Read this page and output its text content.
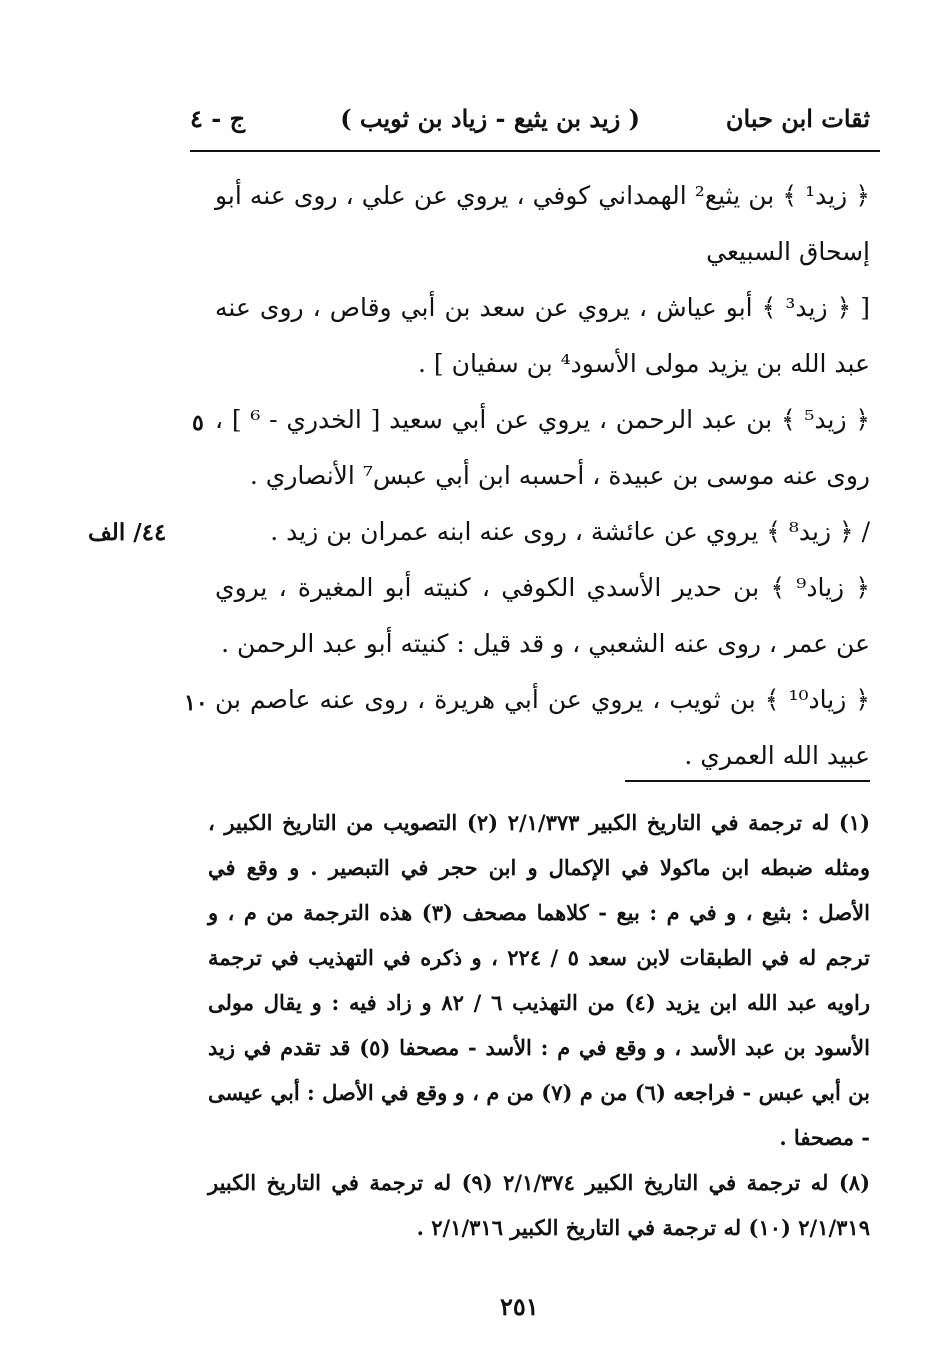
ثقات ابن حبان
( زيد بن يثيع - زياد بن ثويب )
ج - ٤

﴿ زيد¹ ﴾ بن يثيع² الهمداني كوفي ، يروي عن علي ، روى عنه أبو إسحاق السبيعي

[ ﴿ زيد³ ﴾ أبو عياش ، يروي عن سعد بن أبي وقاص ، روى عنه عبد الله بن يزيد مولى الأسود⁴ بن سفيان ] .

﴿ زيد⁵ ﴾ بن عبد الرحمن ، يروي عن أبي سعيد [ الخدري - ⁶ ] ، روى عنه موسى بن عبيدة ، أحسبه ابن أبي عبس⁷ الأنصاري .

/ ﴿ زيد⁸ ﴾ يروي عن عائشة ، روى عنه ابنه عمران بن زيد .

﴿ زياد⁹ ﴾ بن حدير الأسدي الكوفي ، كنيته أبو المغيرة ، يروي عن عمر ، روى عنه الشعبي ، و قد قيل : كنيته أبو عبد الرحمن .

﴿ زياد¹⁰ ﴾ بن ثويب ، يروي عن أبي هريرة ، روى عنه عاصم بن عبيد الله العمري .

٤٤/ الف
٥
١٠

(١) له ترجمة في التاريخ الكبير ٢/١/٣٧٣ (٢) التصويب من التاريخ الكبير ، ومثله ضبطه ابن ماكولا في الإكمال و ابن حجر في التبصير . و وقع في الأصل : بثيع ، و في م : بيع - كلاهما مصحف (٣) هذه الترجمة من م ، و ترجم له في الطبقات لابن سعد ٥ / ٢٢٤ ، و ذكره في التهذيب في ترجمة راويه عبد الله ابن يزيد (٤) من التهذيب ٦ / ٨٢ و زاد فيه : و يقال مولى الأسود بن عبد الأسد ، و وقع في م : الأسد - مصحفا (٥) قد تقدم في زيد بن أبي عبس - فراجعه (٦) من م (٧) من م ، و وقع في الأصل : أبي عيسى - مصحفا .

(٨) له ترجمة في التاريخ الكبير ٢/١/٣٧٤ (٩) له ترجمة في التاريخ الكبير ٢/١/٣١٩ (١٠) له ترجمة في التاريخ الكبير ٢/١/٣١٦ .

٢٥١
